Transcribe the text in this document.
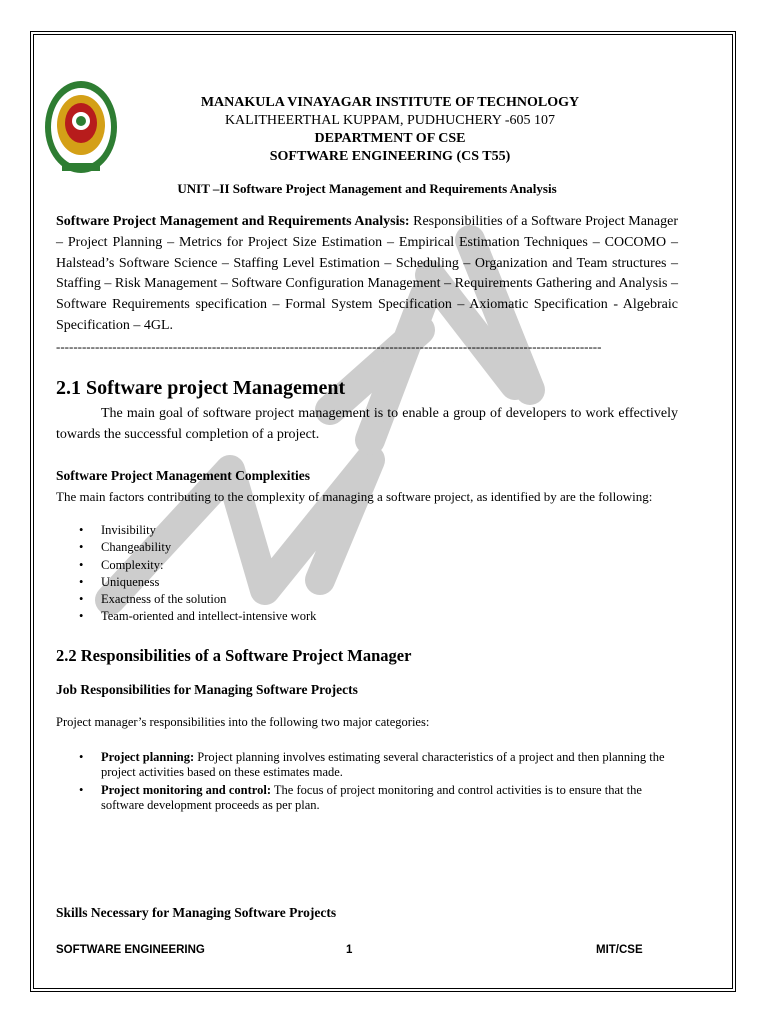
MANAKULA VINAYAGAR INSTITUTE OF TECHNOLOGY
KALITHEERTHAL KUPPAM, PUDHUCHERY -605 107
DEPARTMENT OF CSE
SOFTWARE ENGINEERING (CS T55)
UNIT –II Software Project Management and Requirements Analysis
Software Project Management and Requirements Analysis: Responsibilities of a Software Project Manager – Project Planning – Metrics for Project Size Estimation – Empirical Estimation Techniques – COCOMO – Halstead’s Software Science – Staffing Level Estimation – Scheduling – Organization and Team structures – Staffing – Risk Management – Software Configuration Management – Requirements Gathering and Analysis – Software Requirements specification – Formal System Specification – Axiomatic Specification - Algebraic Specification – 4GL.
------------------------------------------------------------------------------------------------------------------------------
2.1 Software project Management
The main goal of software project management is to enable a group of developers to work effectively towards the successful completion of a project.
Software Project Management Complexities
The main factors contributing to the complexity of managing a software project, as identified by are the following:
• Invisibility
• Changeability
• Complexity:
• Uniqueness
• Exactness of the solution
• Team-oriented and intellect-intensive work
2.2 Responsibilities of a Software Project Manager
Job Responsibilities for Managing Software Projects
Project manager’s responsibilities into the following two major categories:
• Project planning: Project planning involves estimating several characteristics of a project and then planning the project activities based on these estimates made.
• Project monitoring and control: The focus of project monitoring and control activities is to ensure that the software development proceeds as per plan.
Skills Necessary for Managing Software Projects
SOFTWARE ENGINEERING	1	MIT/CSE
